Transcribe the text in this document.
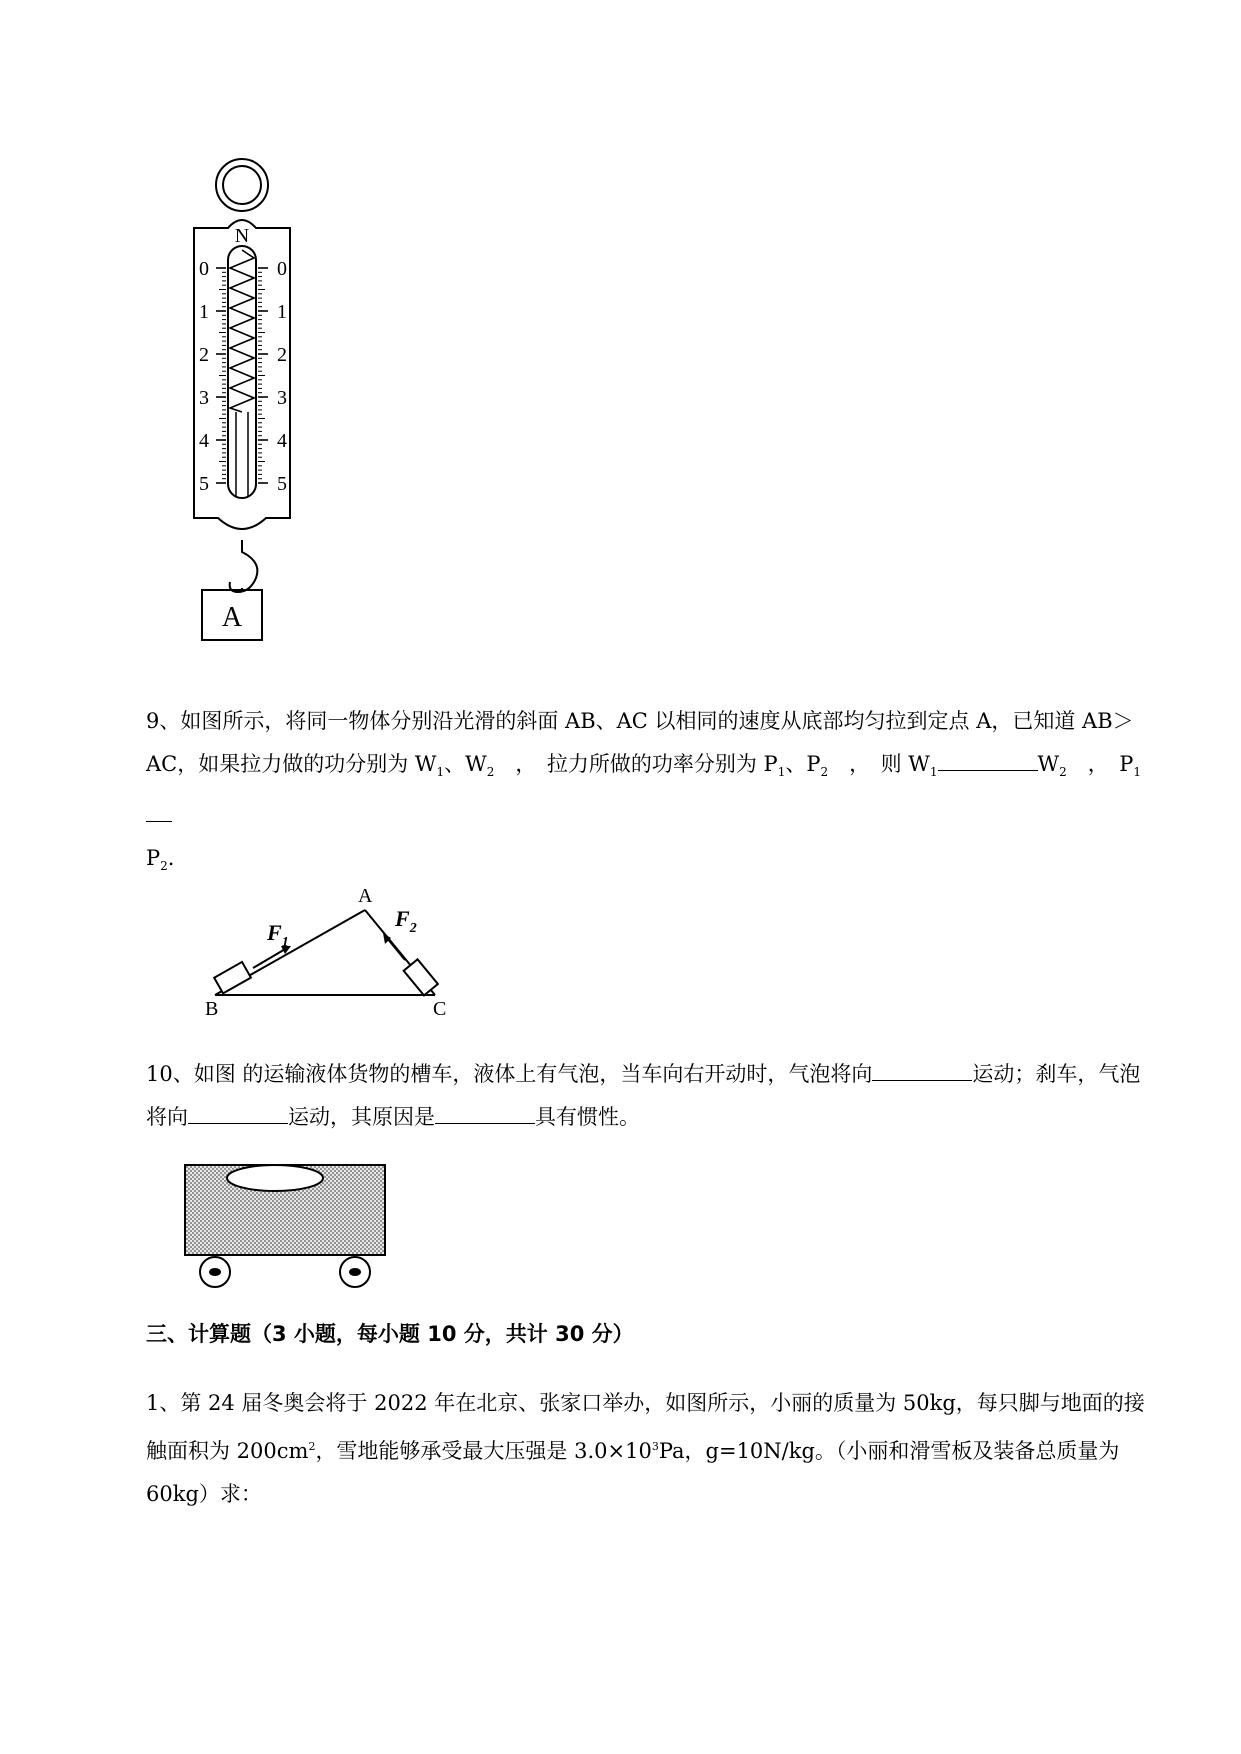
N
0	0
1	1
2	2
3	3
4	4
5	5
A

9、如图所示，将同一物体分别沿光滑的斜面 AB、AC 以相同的速度从底部均匀拉到定点 A，已知道 AB＞AC，如果拉力做的功分别为 $W_1$、$W_2$　，　拉力所做的功率分别为 $P_1$、$P_2$　，　则 $W_1$	$W_2$　，　$P_1$
$P_2$.

A
B	C
$F_1$
$F_2$

10、如图 的运输液体货物的槽车，液体上有气泡，当车向右开动时，气泡将向	运动；刹车，气泡将向	运动，其原因是	具有惯性。

三、计算题（3 小题，每小题 10 分，共计 30 分）

1、第 24 届冬奥会将于 2022 年在北京、张家口举办，如图所示，小丽的质量为 50kg，每只脚与地面的接触面积为 $200cm^2$，雪地能够承受最大压强是 $3.0\times 10^3Pa$，g=10N/kg。（小丽和滑雪板及装备总质量为 60kg）求：
